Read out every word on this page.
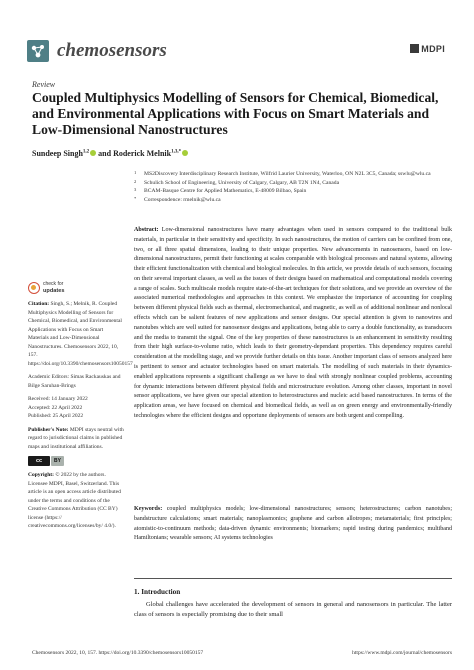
chemosensors	MDPI
Review
Coupled Multiphysics Modelling of Sensors for Chemical, Biomedical, and Environmental Applications with Focus on Smart Materials and Low-Dimensional Nanostructures
Sundeep Singh$^{1,2}$ and Roderick Melnik$^{1,3,*}$
1	MS2Discovery Interdisciplinary Research Institute, Wilfrid Laurier University, Waterloo, ON N2L 3C5, Canada; sswlu@wlu.ca
2	Schulich School of Engineering, University of Calgary, Calgary, AB T2N 1N4, Canada
3	BCAM-Basque Centre for Applied Mathematics, E-48009 Bilbao, Spain
*	Correspondence: rmelnik@wlu.ca
Abstract: Low-dimensional nanostructures have many advantages when used in sensors compared to the traditional bulk materials, in particular in their sensitivity and specificity. In such nanostructures, the motion of carriers can be confined from one, two, or all three spatial dimensions, leading to their unique properties. New advancements in nanosensors, based on low-dimensional nanostructures, permit their functioning at scales comparable with biological processes and natural systems, allowing their efficient functionalization with chemical and biological molecules. In this article, we provide details of such sensors, focusing on their several important classes, as well as the issues of their designs based on mathematical and computational models covering a range of scales. Such multiscale models require state-of-the-art techniques for their solutions, and we provide an overview of the associated numerical methodologies and approaches in this context. We emphasize the importance of accounting for coupling between different physical fields such as thermal, electromechanical, and magnetic, as well as of additional nonlinear and nonlocal effects which can be salient features of new applications and sensor designs. Our special attention is given to nanowires and nanotubes which are well suited for nanosensor designs and applications, being able to carry a double functionality, as transducers and the media to transmit the signal. One of the key properties of these nanostructures is an enhancement in sensitivity resulting from their high surface-to-volume ratio, which leads to their geometry-dependant properties. This dependency requires careful consideration at the modelling stage, and we provide further details on this issue. Another important class of sensors analyzed here is pertinent to sensor and actuator technologies based on smart materials. The modelling of such materials in their dynamics-enabled applications represents a significant challenge as we have to deal with strongly nonlinear coupled problems, accounting for dynamic interactions between different physical fields and microstructure evolution. Among other classes, important in novel sensor applications, we have given our special attention to heterostructures and nucleic acid based nanostructures. In terms of the application areas, we have focused on chemical and biomedical fields, as well as on green energy and environmentally-friendly technologies where the efficient designs and opportune deployments of sensors are both urgent and compelling.
Keywords: coupled multiphysics models; low-dimensional nanostructures; sensors; heterostructures; carbon nanotubes; bandstructure calculations; smart materials; nanoplasmonics; graphene and carbon allotropes; metamaterials; first principles; atomistic-to-continuum methods; data-driven dynamic environments; biomarkers; rapid testing during pandemics; multiband Hamiltonians; wearable sensors; AI systems technologies
1. Introduction
Global challenges have accelerated the development of sensors in general and nanosensors in particular. The latter class of sensors is especially promising due to their small
check for
updates

Citation: Singh, S.; Melnik, R. Coupled Multiphysics Modelling of Sensors for Chemical, Biomedical, and Environmental Applications with Focus on Smart Materials and Low-Dimensional Nanostructures. Chemosensors 2022, 10, 157. https://doi.org/10.3390/chemosensors10050157

Academic Editors: Simas Rackauskas and Bilge Saruhan-Brings

Received: 14 January 2022
Accepted: 22 April 2022
Published: 25 April 2022

Publisher's Note: MDPI stays neutral with regard to jurisdictional claims in published maps and institutional affiliations.

cc	BY

Copyright: © 2022 by the authors. Licensee MDPI, Basel, Switzerland. This article is an open access article distributed under the terms and conditions of the Creative Commons Attribution (CC BY) license (https:// creativecommons.org/licenses/by/ 4.0/).

Chemosensors 2022, 10, 157. https://doi.org/10.3390/chemosensors10050157	https://www.mdpi.com/journal/chemosensors
